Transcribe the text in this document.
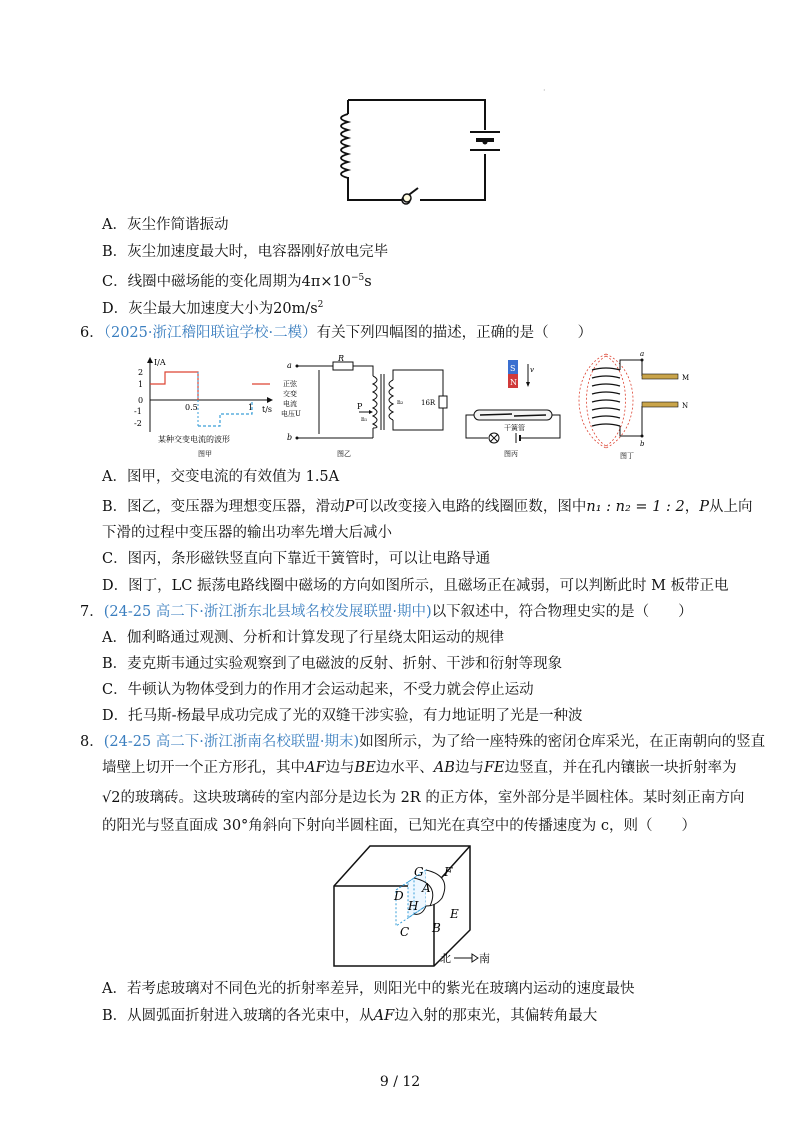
·
A．灰尘作简谐振动
B．灰尘加速度最大时，电容器刚好放电完毕
C．线圈中磁场能的变化周期为$4\pi\times 10^{-5}s$
D．灰尘最大加速度大小为$20m/s^2$
6．（2025·浙江稽阳联谊学校·二模）有关下列四幅图的描述，正确的是（　　）
I/A
t/s
2
1
0
-1
-2
0.5	1
某种交变电流的波形
图甲
a
b
R
正弦
交变
电流
电压U
16R
P
n₁
n₂
图乙
S
N
v
干簧管
图丙
a
b
M
N
图丁
A．图甲，交变电流的有效值为 1.5A
B．图乙，变压器为理想变压器，滑动P可以改变接入电路的线圈匝数，图中n₁ : n₂ = 1 : 2，P从上向
下滑的过程中变压器的输出功率先增大后减小
C．图丙，条形磁铁竖直向下靠近干簧管时，可以让电路导通
D．图丁，LC 振荡电路线圈中磁场的方向如图所示，且磁场正在减弱，可以判断此时 M 板带正电
7．(24-25 高二下·浙江浙东北县域名校发展联盟·期中)以下叙述中，符合物理史实的是（　　）
A．伽利略通过观测、分析和计算发现了行星绕太阳运动的规律
B．麦克斯韦通过实验观察到了电磁波的反射、折射、干涉和衍射等现象
C．牛顿认为物体受到力的作用才会运动起来，不受力就会停止运动
D．托马斯-杨最早成功完成了光的双缝干涉实验，有力地证明了光是一种波
8．(24-25 高二下·浙江浙南名校联盟·期末)如图所示，为了给一座特殊的密闭仓库采光，在正南朝向的竖直
墙壁上切开一个正方形孔，其中AF边与BE边水平、AB边与FE边竖直，并在孔内镶嵌一块折射率为
√2的玻璃砖。这块玻璃砖的室内部分是边长为 2R 的正方体，室外部分是半圆柱体。某时刻正南方向
的阳光与竖直面成 30°角斜向下射向半圆柱面，已知光在真空中的传播速度为 c，则（　　）
G F
D
A
H
E
C B
北	南
A．若考虑玻璃对不同色光的折射率差异，则阳光中的紫光在玻璃内运动的速度最快
B．从圆弧面折射进入玻璃的各光束中，从AF边入射的那束光，其偏转角最大
9 / 12
